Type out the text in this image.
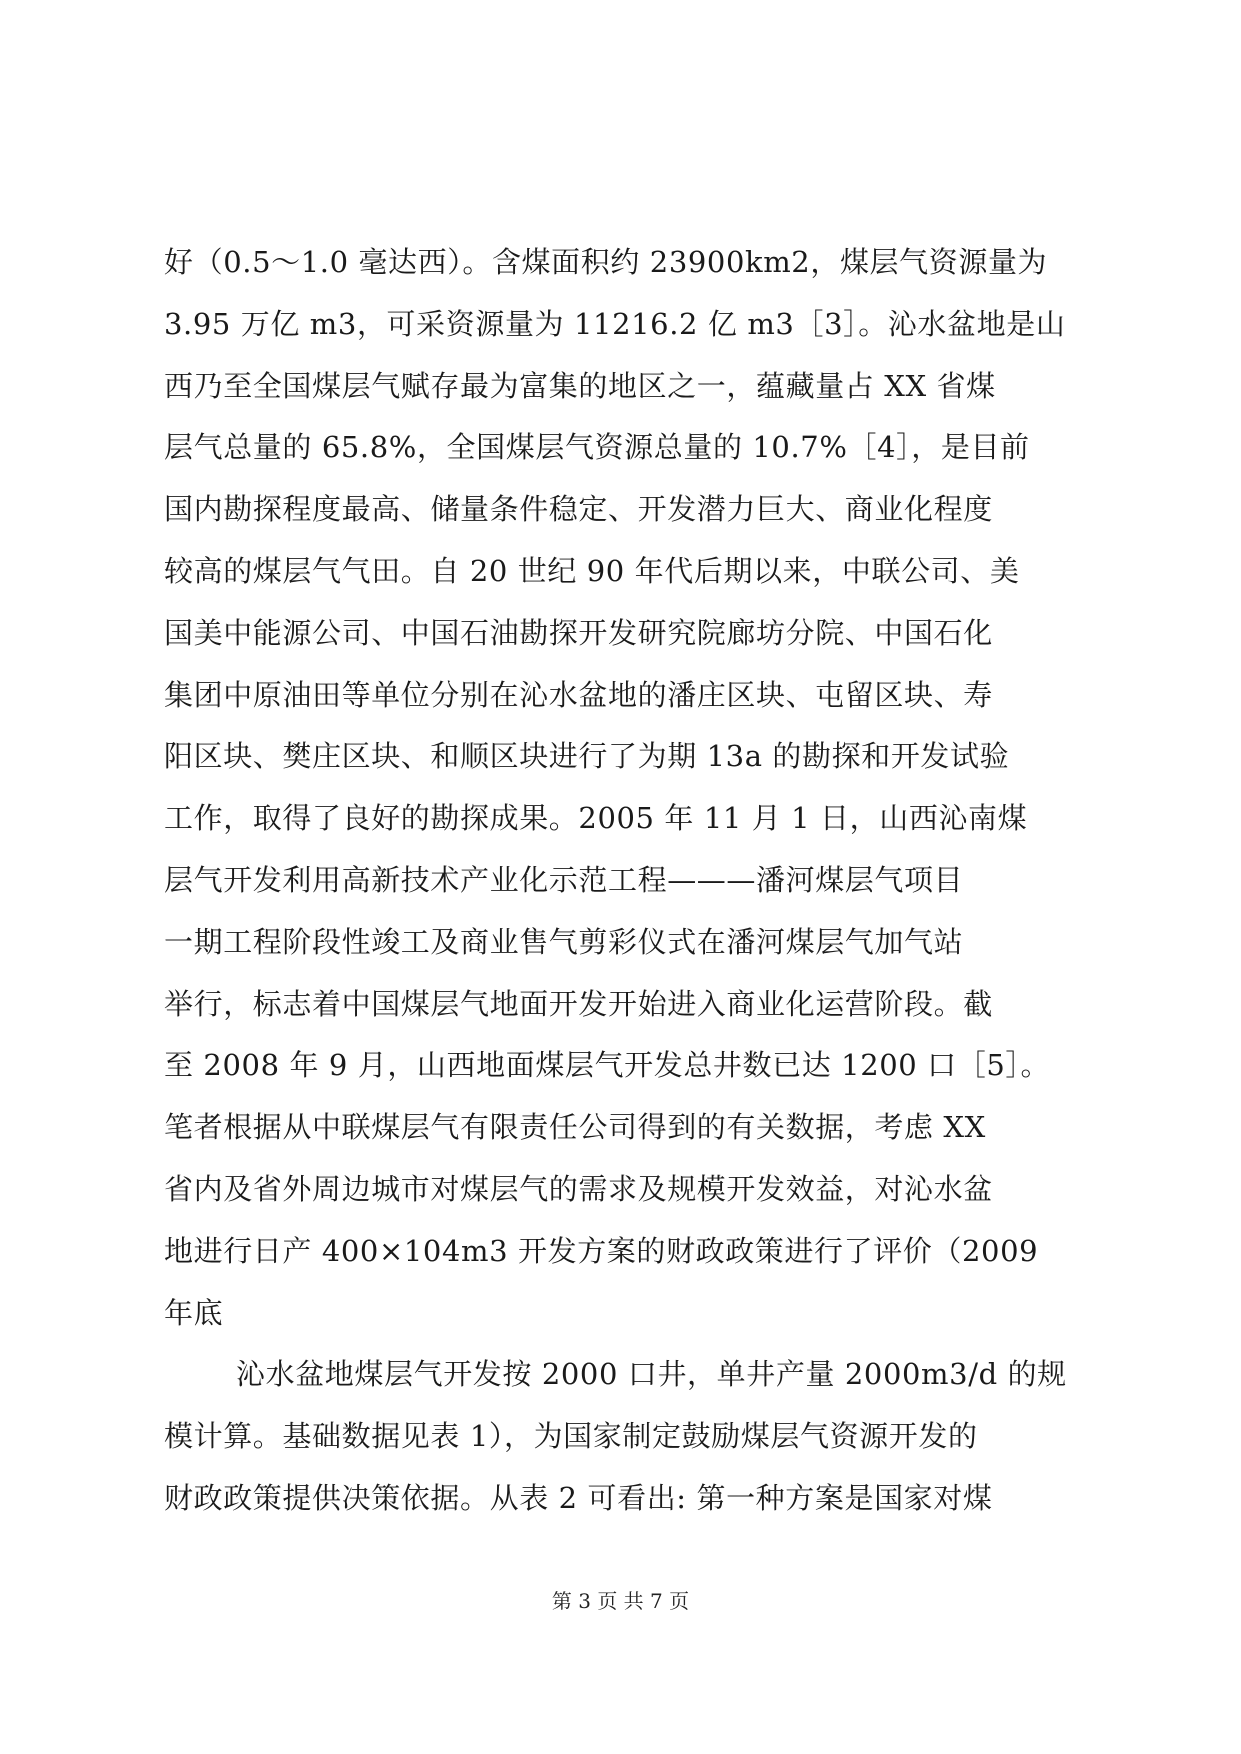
好（0.5～1.0 毫达西）。含煤面积约 23900km2，煤层气资源量为
3.95 万亿 m3，可采资源量为 11216.2 亿 m3［3］。沁水盆地是山
西乃至全国煤层气赋存最为富集的地区之一，蕴藏量占 XX 省煤
层气总量的 65.8%，全国煤层气资源总量的 10.7%［4］，是目前
国内勘探程度最高、储量条件稳定、开发潜力巨大、商业化程度
较高的煤层气气田。自 20 世纪 90 年代后期以来，中联公司、美
国美中能源公司、中国石油勘探开发研究院廊坊分院、中国石化
集团中原油田等单位分别在沁水盆地的潘庄区块、屯留区块、寿
阳区块、樊庄区块、和顺区块进行了为期 13a 的勘探和开发试验
工作，取得了良好的勘探成果。2005 年 11 月 1 日，山西沁南煤
层气开发利用高新技术产业化示范工程———潘河煤层气项目
一期工程阶段性竣工及商业售气剪彩仪式在潘河煤层气加气站
举行，标志着中国煤层气地面开发开始进入商业化运营阶段。截
至 2008 年 9 月，山西地面煤层气开发总井数已达 1200 口［5］。
笔者根据从中联煤层气有限责任公司得到的有关数据，考虑 XX
省内及省外周边城市对煤层气的需求及规模开发效益，对沁水盆
地进行日产 400×104m3 开发方案的财政政策进行了评价（2009
年底
沁水盆地煤层气开发按 2000 口井，单井产量 2000m3/d 的规
模计算。基础数据见表 1），为国家制定鼓励煤层气资源开发的
财政政策提供决策依据。从表 2 可看出: 第一种方案是国家对煤
第 3 页 共 7 页
